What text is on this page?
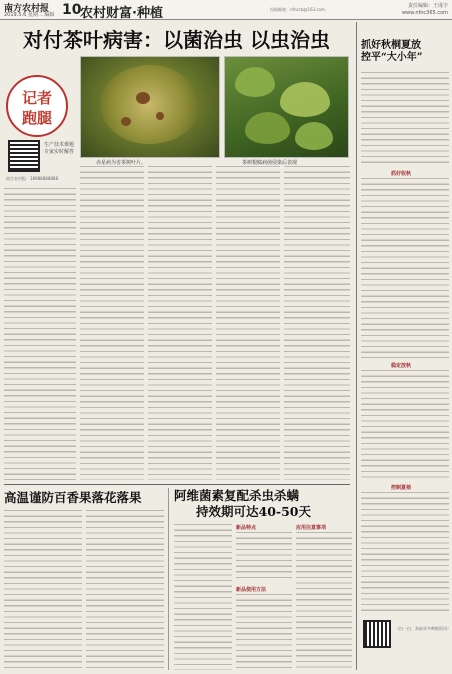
南方农村报
2019.5.6 星期二 编辑 10
农村财富·种植	投稿邮箱：nfnccb@163.com
责任编辑：王成宇
www.nfnc365.com
对付茶叶病害：以菌治虫 以虫治虫
记者
跑腿
生产技术难题专家实时解答
南方农村报：18988888888
赤星病为害茶树叶片。	茶树根腐病菌侵染后表现
高温谨防百香果落花落果	阿维菌素复配杀虫杀螨
持效期可达40-50天
新品特点
新品使用方法
应用注意事项
抓好秋桐夏放
控平“大小年”
抓好收秋
稳定放秋
控制夏梢
（扫一扫，获取更多种植资讯）
